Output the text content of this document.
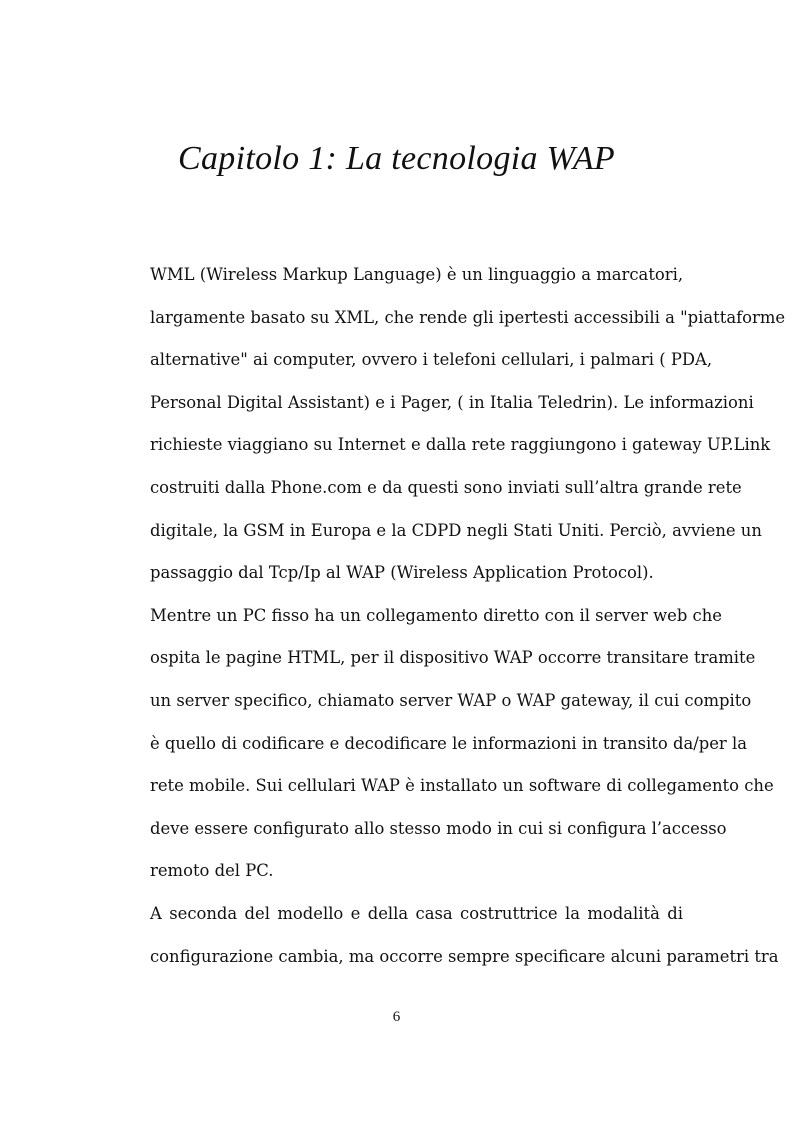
Capitolo 1: La tecnologia WAP
WML (Wireless Markup Language) è un linguaggio a marcatori,
largamente basato su XML, che rende gli ipertesti accessibili a "piattaforme
alternative" ai computer, ovvero i telefoni cellulari, i palmari ( PDA,
Personal Digital Assistant) e i Pager, ( in Italia Teledrin). Le informazioni
richieste viaggiano su Internet e dalla rete raggiungono i gateway UP.Link
costruiti dalla Phone.com e da questi sono inviati sull’altra grande rete
digitale, la GSM in Europa e la CDPD negli Stati Uniti. Perciò, avviene un
passaggio dal Tcp/Ip al WAP (Wireless Application Protocol).
Mentre un PC fisso ha un collegamento diretto con il server web che
ospita le pagine HTML, per il dispositivo WAP occorre transitare tramite
un server specifico, chiamato server WAP o WAP gateway, il cui compito
è quello di codificare e decodificare le informazioni in transito da/per la
rete mobile. Sui cellulari WAP è installato un software di collegamento che
deve essere configurato allo stesso modo in cui si configura l’accesso
remoto del PC.
A seconda del modello e della casa costruttrice la modalità di
configurazione cambia, ma occorre sempre specificare alcuni parametri tra
6
